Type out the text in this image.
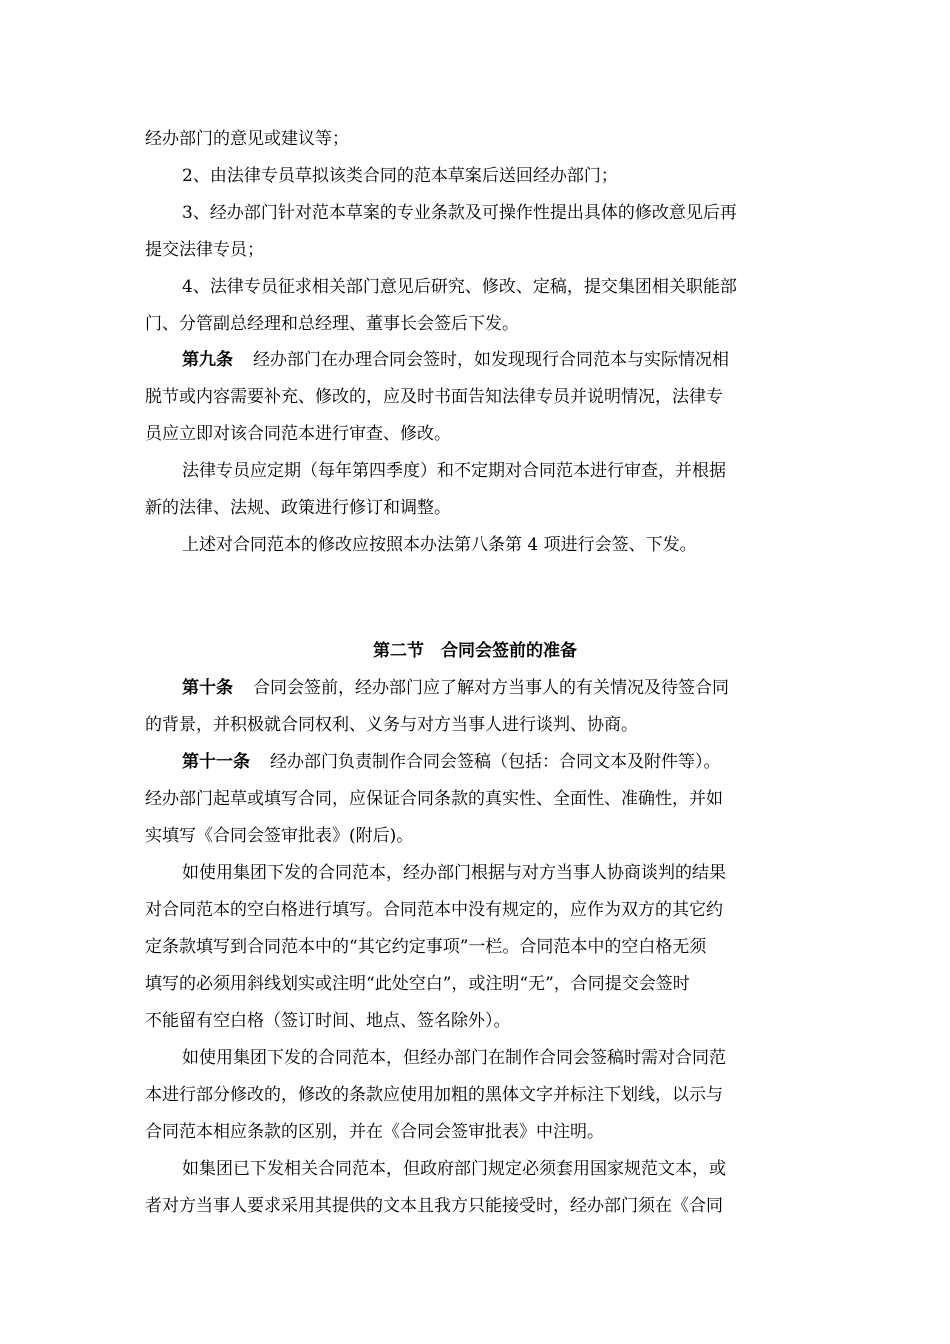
经办部门的意见或建议等；
2、由法律专员草拟该类合同的范本草案后送回经办部门；
3、经办部门针对范本草案的专业条款及可操作性提出具体的修改意见后再
提交法律专员；
4、法律专员征求相关部门意见后研究、修改、定稿，提交集团相关职能部
门、分管副总经理和总经理、董事长会签后下发。
第九条 经办部门在办理合同会签时，如发现现行合同范本与实际情况相
脱节或内容需要补充、修改的，应及时书面告知法律专员并说明情况，法律专
员应立即对该合同范本进行审查、修改。
法律专员应定期（每年第四季度）和不定期对合同范本进行审查，并根据
新的法律、法规、政策进行修订和调整。
上述对合同范本的修改应按照本办法第八条第 4 项进行会签、下发。
第二节　合同会签前的准备
第十条 合同会签前，经办部门应了解对方当事人的有关情况及待签合同
的背景，并积极就合同权利、义务与对方当事人进行谈判、协商。
第十一条 经办部门负责制作合同会签稿（包括：合同文本及附件等）。
经办部门起草或填写合同，应保证合同条款的真实性、全面性、准确性，并如
实填写《合同会签审批表》(附后)。
如使用集团下发的合同范本，经办部门根据与对方当事人协商谈判的结果
对合同范本的空白格进行填写。合同范本中没有规定的，应作为双方的其它约
定条款填写到合同范本中的“其它约定事项”一栏。合同范本中的空白格无须
填写的必须用斜线划实或注明“此处空白”，或注明“无”，合同提交会签时
不能留有空白格（签订时间、地点、签名除外）。
如使用集团下发的合同范本，但经办部门在制作合同会签稿时需对合同范
本进行部分修改的，修改的条款应使用加粗的黑体文字并标注下划线，以示与
合同范本相应条款的区别，并在《合同会签审批表》中注明。
如集团已下发相关合同范本，但政府部门规定必须套用国家规范文本，或
者对方当事人要求采用其提供的文本且我方只能接受时，经办部门须在《合同
